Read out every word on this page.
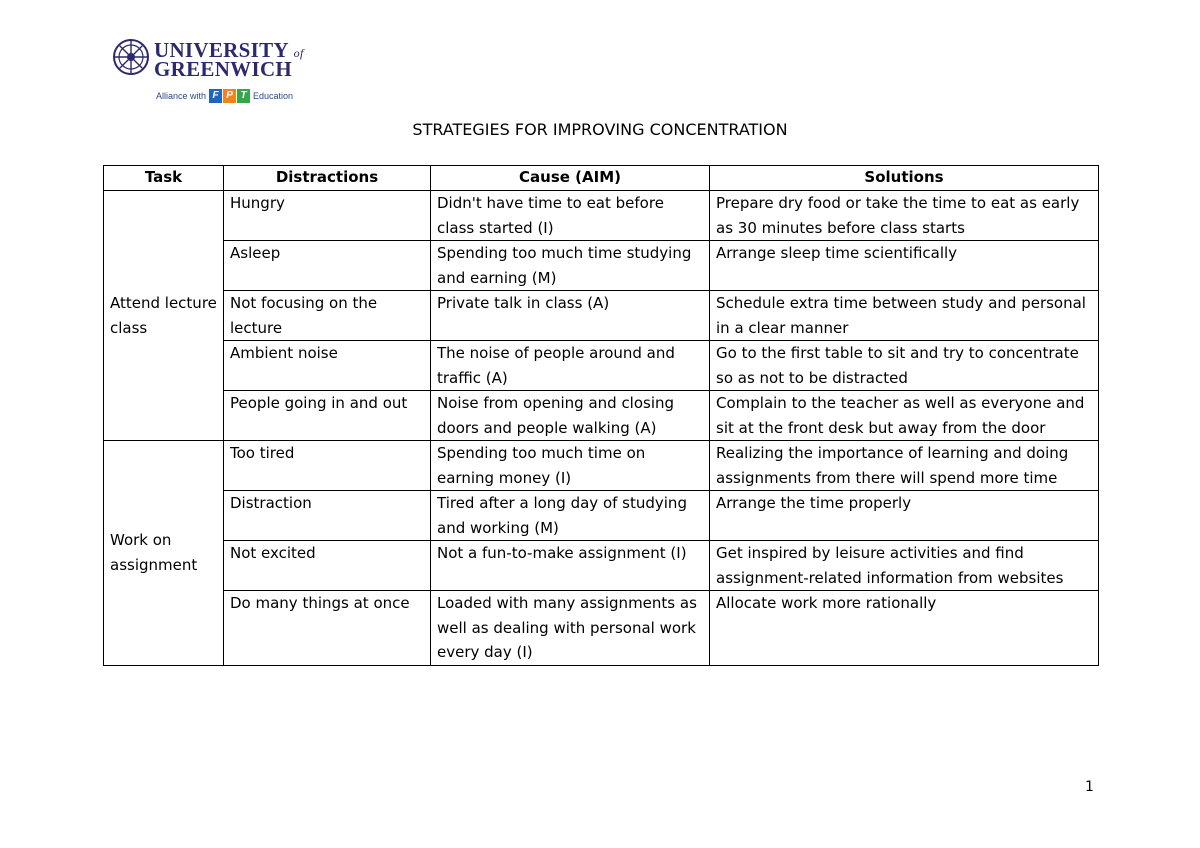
UNIVERSITY of
GREENWICH
Alliance with F P T Education
STRATEGIES FOR IMPROVING CONCENTRATION
Task	Distractions	Cause (AIM)	Solutions
Attend lecture class	Hungry	Didn't have time to eat before class started (I)	Prepare dry food or take the time to eat as early as 30 minutes before class starts
	Asleep	Spending too much time studying and earning (M)	Arrange sleep time scientifically
	Not focusing on the lecture	Private talk in class (A)	Schedule extra time between study and personal in a clear manner
	Ambient noise	The noise of people around and traffic (A)	Go to the first table to sit and try to concentrate so as not to be distracted
	People going in and out	Noise from opening and closing doors and people walking (A)	Complain to the teacher as well as everyone and sit at the front desk but away from the door
Work on assignment	Too tired	Spending too much time on earning money (I)	Realizing the importance of learning and doing assignments from there will spend more time
	Distraction	Tired after a long day of studying and working (M)	Arrange the time properly
	Not excited	Not a fun-to-make assignment (I)	Get inspired by leisure activities and find assignment-related information from websites
	Do many things at once	Loaded with many assignments as well as dealing with personal work every day (I)	Allocate work more rationally
1
